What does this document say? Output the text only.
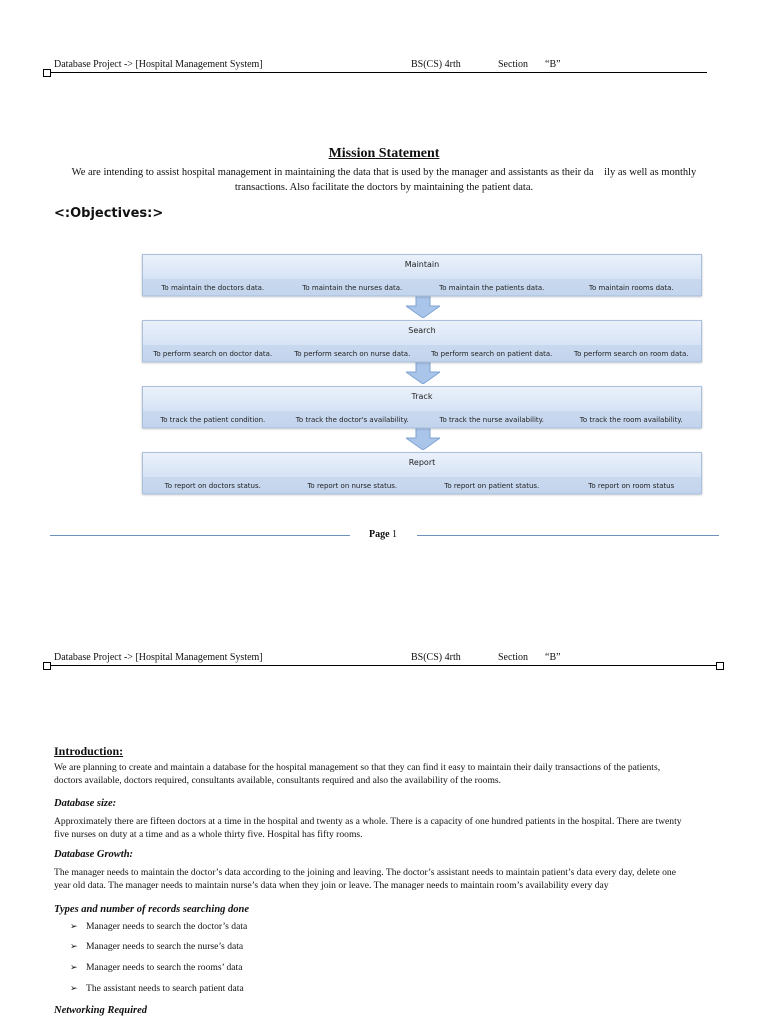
Database Project -> [Hospital Management System]	BS(CS) 4rth	Section “B”
Mission Statement
We are intending to assist hospital management in maintaining the data that is used by the manager and assistants as their da    ily as well as monthly
transactions. Also facilitate the doctors by maintaining the patient data.
<:Objectives:>
Maintain
To maintain the doctors data.	To maintain the nurses data.	To maintain the patients data.	To maintain rooms data.
Search
To perform search on doctor data.	To perform search on nurse data.	To perform search on patient data.	To perform search on room data.
Track
To track the patient condition.	To track the doctor's availability.	To track the nurse availability.	To track the room availability.
Report
To report on doctors status.	To report on nurse status.	To report on patient status.	To report on room status
Page 1
Database Project -> [Hospital Management System]	BS(CS) 4rth	Section “B”
Introduction:
We are planning to create and maintain a database for the hospital management so that they can find it easy to maintain their daily transactions of the patients,
doctors available, doctors required, consultants available, consultants required and also the availability of the rooms.
Database size:
Approximately there are fifteen doctors at a time in the hospital and twenty as a whole. There is a capacity of one hundred patients in the hospital. There are twenty
five nurses on duty at a time and as a whole thirty five. Hospital has fifty rooms.
Database Growth:
The manager needs to maintain the doctor’s data according to the joining and leaving. The doctor’s assistant needs to maintain patient’s data every day, delete one
year old data. The manager needs to maintain nurse’s data when they join or leave. The manager needs to maintain room’s availability every day
Types and number of records searching done
➢ Manager needs to search the doctor’s data
➢ Manager needs to search the nurse’s data
➢ Manager needs to search the rooms’ data
➢ The assistant needs to search patient data
Networking Required
